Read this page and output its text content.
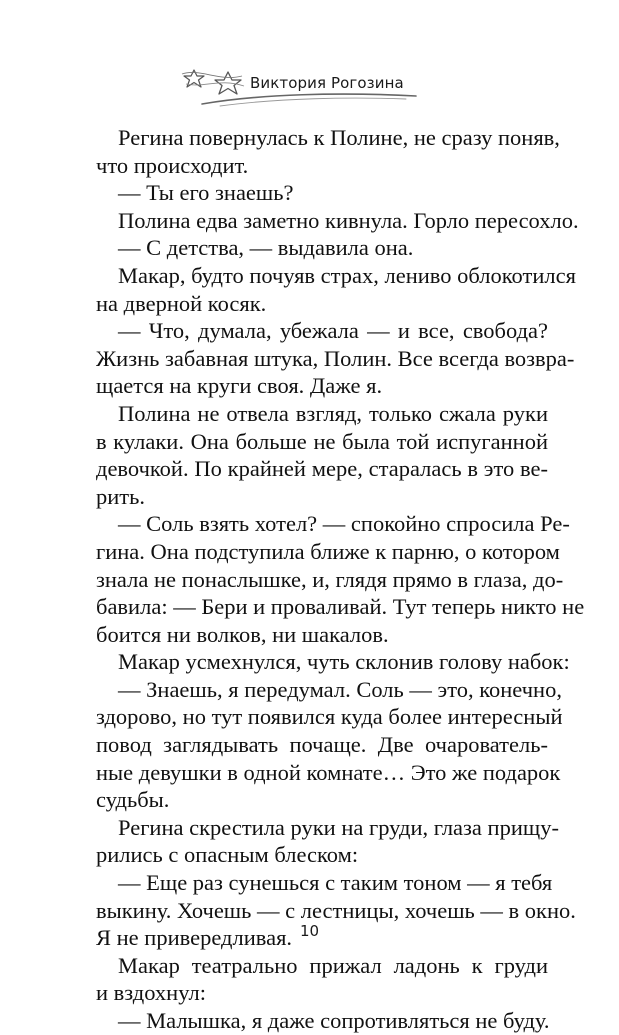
Виктория Рогозина
Регина повернулась к Полине, не сразу поняв,
что происходит.
— Ты его знаешь?
Полина едва заметно кивнула. Горло пересохло.
— С детства, — выдавила она.
Макар, будто почуяв страх, лениво облокотился
на дверной косяк.
— Что, думала, убежала — и все, свобода?
Жизнь забавная штука, Полин. Все всегда возвра-
щается на круги своя. Даже я.
Полина не отвела взгляд, только сжала руки
в кулаки. Она больше не была той испуганной
девочкой. По крайней мере, старалась в это ве-
рить.
— Соль взять хотел? — спокойно спросила Ре-
гина. Она подступила ближе к парню, о котором
знала не понаслышке, и, глядя прямо в глаза, до-
бавила: — Бери и проваливай. Тут теперь никто не
боится ни волков, ни шакалов.
Макар усмехнулся, чуть склонив голову набок:
— Знаешь, я передумал. Соль — это, конечно,
здорово, но тут появился куда более интересный
повод заглядывать почаще. Две очарователь-
ные девушки в одной комнате… Это же подарок
судьбы.
Регина скрестила руки на груди, глаза прищу-
рились с опасным блеском:
— Еще раз сунешься с таким тоном — я тебя
выкину. Хочешь — с лестницы, хочешь — в окно.
Я не привередливая.
Макар театрально прижал ладонь к груди
и вздохнул:
— Малышка, я даже сопротивляться не буду.
10
